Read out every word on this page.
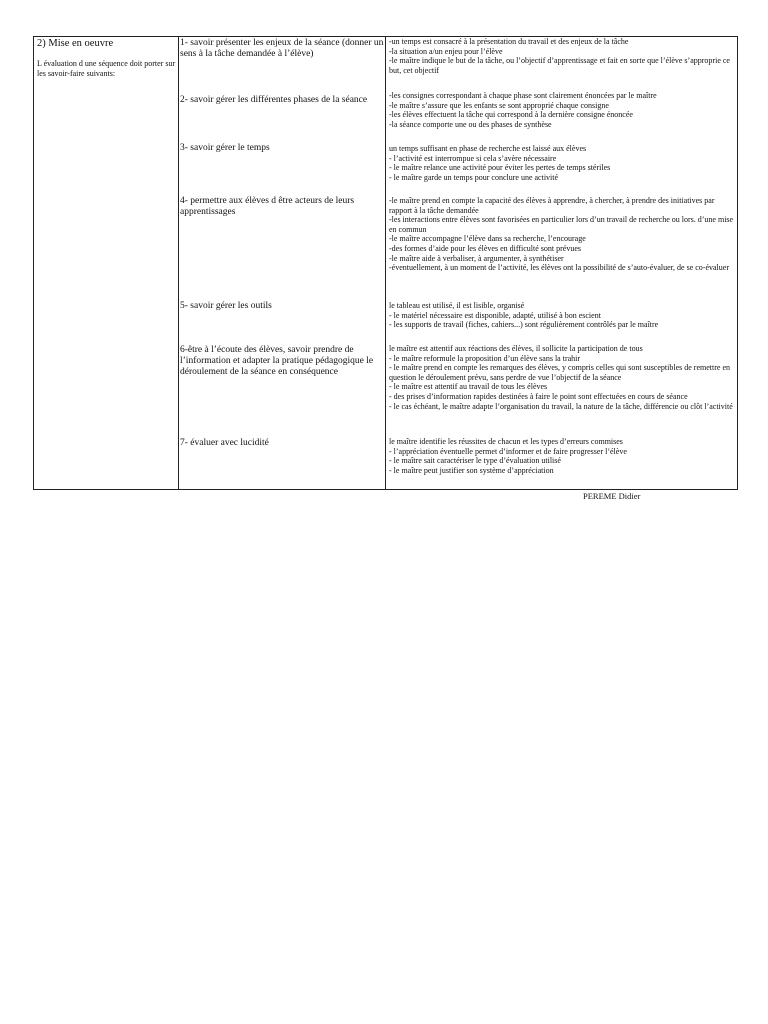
2) Mise en oeuvre
L évaluation d une séquence doit porter sur les savoir-faire suivants:
1- savoir présenter les enjeux de la séance (donner un sens à la tâche demandée à l’élève)
-un temps est consacré à la présentation du travail et des enjeux de la tâche
-la situation a/un enjeu pour l’élève
-le maître indique le but de la tâche, ou l’objectif d’apprentissage et fait en sorte que l’élève s’approprie ce but, cet objectif
2- savoir gérer les différentes phases de la séance	-les consignes correspondant à chaque phase sont clairement énoncées par le maître
-le maître s’assure que les enfants se sont approprié chaque consigne
-les élèves effectuent la tâche qui correspond à la dernière consigne énoncée
-la séance comporte une ou des phases de synthèse
3- savoir gérer le temps	un temps suffisant en phase de recherche est laissé aux élèves
- l’activité est interrompue si cela s’avère nécessaire
- le maître relance une activité pour éviter les pertes de temps stériles
- le maître garde un temps pour conclure une activité
4- permettre aux élèves d être acteurs de leurs apprentissages
-le maître prend en compte la capacité des élèves à apprendre, à chercher, à prendre des initiatives par rapport à la tâche demandée
-les interactions entre élèves sont favorisées en particulier lors d’un travail de recherche ou lors. d’une mise en commun
-le maître accompagne l’élève dans sa recherche, l’encourage
-des formes d’aide pour les élèves en difficulté sont prévues
-le maître aide à verbaliser, à argumenter, à synthétiser
-éventuellement, à un moment de l’activité, les élèves ont la possibilité de s’auto-évaluer, de se co-évaluer
5- savoir gérer les outils	le tableau est utilisé, il est lisible, organisé
- le matériel nécessaire est disponible, adapté, utilisé à bon escient
- les supports de travail (fiches, cahiers...) sont régulièrement contrôlés par le maître
6-être à l’écoute des élèves, savoir prendre de l’information et adapter la pratique pédagogique le déroulement de la séance en conséquence
le maître est attentif aux réactions des élèves, il sollicite la participation de tous
- le maître reformule la proposition d’un élève sans la trahir
- le maître prend en compte les remarques des élèves, y compris celles qui sont susceptibles de remettre en question le déroulement prévu, sans perdre de vue l’objectif de la séance
- le maître est attentif au travail de tous les élèves
- des prises d’information rapides destinées à faire le point sont effectuées en cours de séance
- le cas échéant, le maître adapte l’organisation du travail, la nature de la tâche, différencie ou clôt l’activité
7- évaluer avec lucidité	le maître identifie les réussites de chacun et les types d’erreurs commises
- l’appréciation éventuelle permet d’informer et de faire progresser l’élève
- le maître sait caractériser le type d’évaluation utilisé
- le maître peut justifier son système d’appréciation
PEREME Didier
